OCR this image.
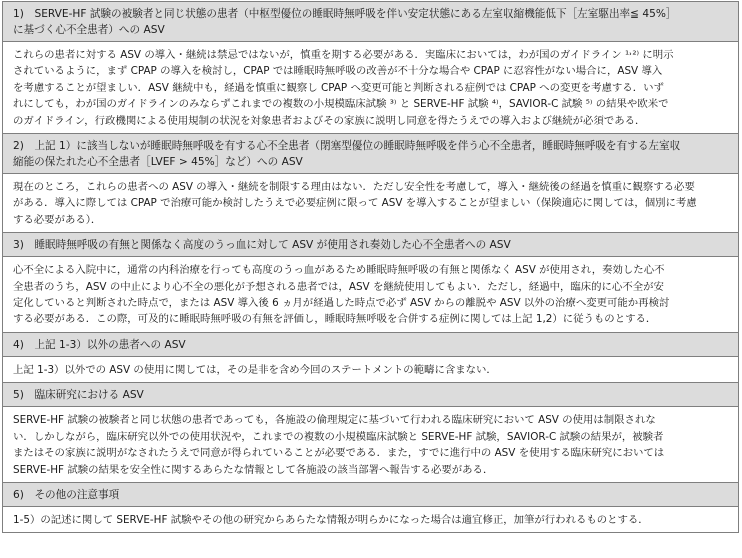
1)　SERVE-HF 試験の被験者と同じ状態の患者（中枢型優位の睡眠時無呼吸を伴い安定状態にある左室収縮機能低下［左室駆出率≦ 45%］
に基づく心不全患者）への ASV
これらの患者に対する ASV の導入・継続は禁忌ではないが，慎重を期する必要がある．実臨床においては，わが国のガイドライン ¹˒²⁾ に明示
されているように，まず CPAP の導入を検討し，CPAP では睡眠時無呼吸の改善が不十分な場合や CPAP に忍容性がない場合に，ASV 導入
を考慮することが望ましい．ASV 継続中も，経過を慎重に観察し CPAP へ変更可能と判断される症例では CPAP への変更を考慮する．いず
れにしても，わが国のガイドラインのみならずこれまでの複数の小規模臨床試験 ³⁾ と SERVE-HF 試験 ⁴⁾，SAVIOR-C 試験 ⁵⁾ の結果や欧米で
のガイドライン，行政機関による使用規制の状況を対象患者およびその家族に説明し同意を得たうえでの導入および継続が必須である．
2)　上記 1）に該当しないが睡眠時無呼吸を有する心不全患者（閉塞型優位の睡眠時無呼吸を伴う心不全患者，睡眠時無呼吸を有する左室収
縮能の保たれた心不全患者［LVEF > 45%］など）への ASV
現在のところ，これらの患者への ASV の導入・継続を制限する理由はない．ただし安全性を考慮して，導入・継続後の経過を慎重に観察する必要
がある．導入に際しては CPAP で治療可能か検討したうえで必要症例に限って ASV を導入することが望ましい（保険適応に関しては，個別に考慮
する必要がある）．
3)　睡眠時無呼吸の有無と関係なく高度のうっ血に対して ASV が使用され奏効した心不全患者への ASV
心不全による入院中に，通常の内科治療を行っても高度のうっ血があるため睡眠時無呼吸の有無と関係なく ASV が使用され，奏効した心不
全患者のうち，ASV の中止により心不全の悪化が予想される患者では，ASV を継続使用してもよい．ただし，経過中，臨床的に心不全が安
定化していると判断された時点で，または ASV 導入後 6 ヵ月が経過した時点で必ず ASV からの離脱や ASV 以外の治療へ変更可能か再検討
する必要がある．この際，可及的に睡眠時無呼吸の有無を評価し，睡眠時無呼吸を合併する症例に関しては上記 1,2）に従うものとする．
4)　上記 1-3）以外の患者への ASV
上記 1-3）以外での ASV の使用に関しては，その是非を含め今回のステートメントの範疇に含まない．
5)　臨床研究における ASV
SERVE-HF 試験の被験者と同じ状態の患者であっても，各施設の倫理規定に基づいて行われる臨床研究において ASV の使用は制限されな
い．しかしながら，臨床研究以外での使用状況や，これまでの複数の小規模臨床試験と SERVE-HF 試験，SAVIOR-C 試験の結果が，被験者
またはその家族に説明がなされたうえで同意が得られていることが必要である．また，すでに進行中の ASV を使用する臨床研究においては
SERVE-HF 試験の結果を安全性に関するあらたな情報として各施設の該当部署へ報告する必要がある．
6)　その他の注意事項
1-5）の記述に関して SERVE-HF 試験やその他の研究からあらたな情報が明らかになった場合は適宜修正，加筆が行われるものとする．
